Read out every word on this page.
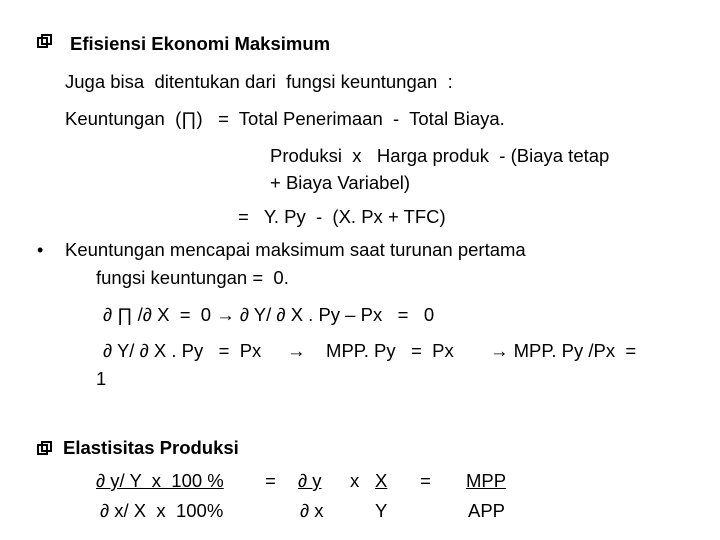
Efisiensi Ekonomi Maksimum
Juga bisa  ditentukan dari  fungsi keuntungan  :
Keuntungan  (∏)   =  Total Penerimaan  -  Total Biaya.
Produksi  x   Harga produk  - (Biaya tetap
+ Biaya Variabel)
=   Y. Py  -  (X. Px + TFC)
• Keuntungan mencapai maksimum saat turunan pertama
fungsi keuntungan =  0.
∂ ∏ /∂ X  =  0 → ∂ Y/ ∂ X . Py – Px   =   0
∂ Y/ ∂ X . Py   =  Px     →    MPP. Py   =  Px → MPP. Py /Px  =
1
Elastisitas Produksi
∂ y/ Y  x  100 % = ∂ y x X = MPP
∂ x/ X  x  100%	∂ x	Y	APP
